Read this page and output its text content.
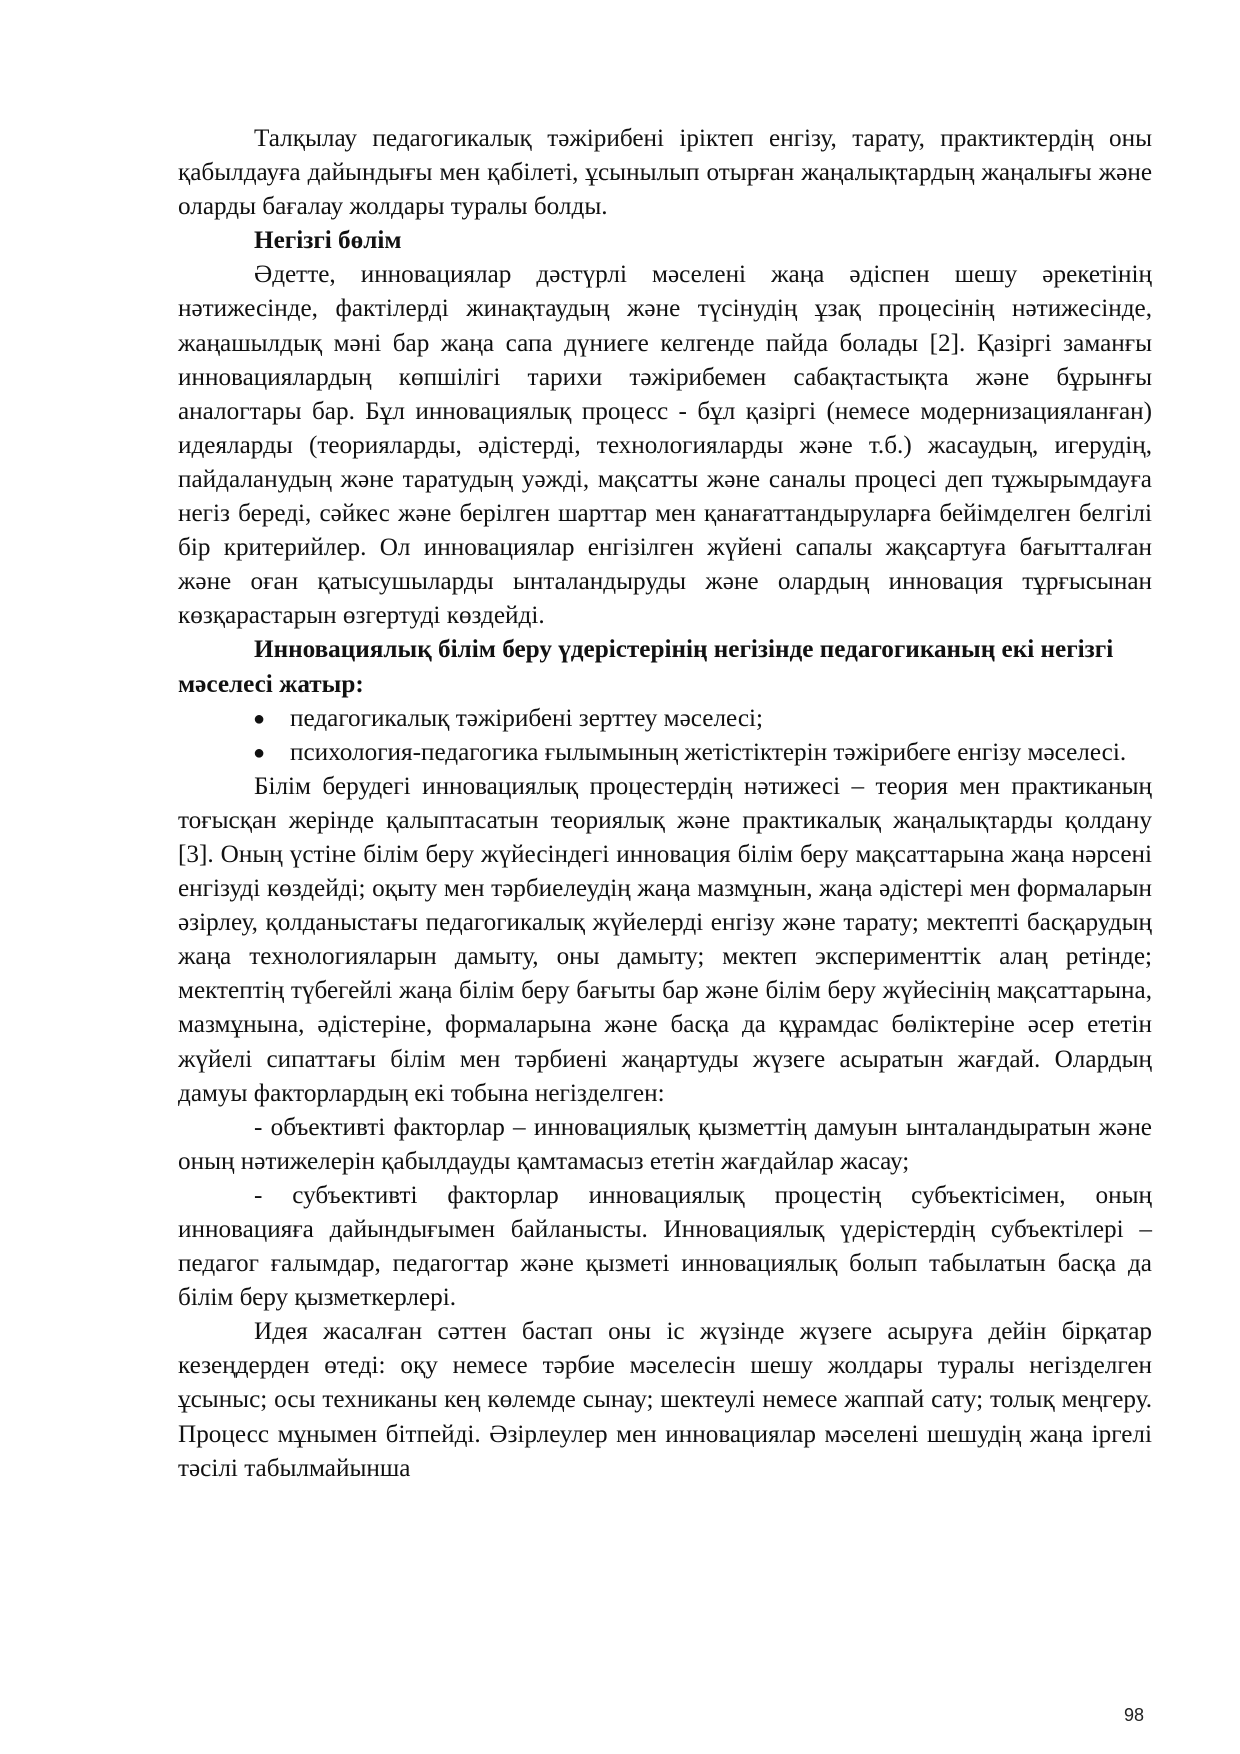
Талқылау педагогикалық тәжірибені іріктеп енгізу, тарату, практиктердің оны қабылдауға дайындығы мен қабілеті, ұсынылып отырған жаңалықтардың жаңалығы және оларды бағалау жолдары туралы болды.

Негізгі бөлім

Әдетте, инновациялар дәстүрлі мәселені жаңа әдіспен шешу әрекетінің нәтижесінде, фактілерді жинақтаудың және түсінудің ұзақ процесінің нәтижесінде, жаңашылдық мәні бар жаңа сапа дүниеге келгенде пайда болады [2]. Қазіргі заманғы инновациялардың көпшілігі тарихи тәжірибемен сабақтастықта және бұрынғы аналогтары бар. Бұл инновациялық процесс - бұл қазіргі (немесе модернизацияланған) идеяларды (теорияларды, әдістерді, технологияларды және т.б.) жасаудың, игерудің, пайдаланудың және таратудың уәжді, мақсатты және саналы процесі деп тұжырымдауға негіз береді, сәйкес және берілген шарттар мен қанағаттандыруларға бейімделген белгілі бір критерийлер. Ол инновациялар енгізілген жүйені сапалы жақсартуға бағытталған және оған қатысушыларды ынталандыруды және олардың инновация тұрғысынан көзқарастарын өзгертуді көздейді.

Инновациялық білім беру үдерістерінің негізінде педагогиканың екі негізгі мәселесі жатыр:

● педагогикалық тәжірибені зерттеу мәселесі;
● психология-педагогика ғылымының жетістіктерін тәжірибеге енгізу мәселесі.

Білім берудегі инновациялық процестердің нәтижесі – теория мен практиканың тоғысқан жерінде қалыптасатын теориялық және практикалық жаңалықтарды қолдану [3]. Оның үстіне білім беру жүйесіндегі инновация білім беру мақсаттарына жаңа нәрсені енгізуді көздейді; оқыту мен тәрбиелеудің жаңа мазмұнын, жаңа әдістері мен формаларын әзірлеу, қолданыстағы педагогикалық жүйелерді енгізу және тарату; мектепті басқарудың жаңа технологияларын дамыту, оны дамыту; мектеп эксперименттік алаң ретінде; мектептің түбегейлі жаңа білім беру бағыты бар және білім беру жүйесінің мақсаттарына, мазмұнына, әдістеріне, формаларына және басқа да құрамдас бөліктеріне әсер ететін жүйелі сипаттағы білім мен тәрбиені жаңартуды жүзеге асыратын жағдай. Олардың дамуы факторлардың екі тобына негізделген:

- объективті факторлар – инновациялық қызметтің дамуын ынталандыратын және оның нәтижелерін қабылдауды қамтамасыз ететін жағдайлар жасау;

- субъективті факторлар инновациялық процестің субъектісімен, оның инновацияға дайындығымен байланысты. Инновациялық үдерістердің субъектілері – педагог ғалымдар, педагогтар және қызметі инновациялық болып табылатын басқа да білім беру қызметкерлері.

Идея жасалған сәттен бастап оны іс жүзінде жүзеге асыруға дейін бірқатар кезеңдерден өтеді: оқу немесе тәрбие мәселесін шешу жолдары туралы негізделген ұсыныс; осы техниканы кең көлемде сынау; шектеулі немесе жаппай сату; толық меңгеру. Процесс мұнымен бітпейді. Әзірлеулер мен инновациялар мәселені шешудің жаңа іргелі тәсілі табылмайынша

98
